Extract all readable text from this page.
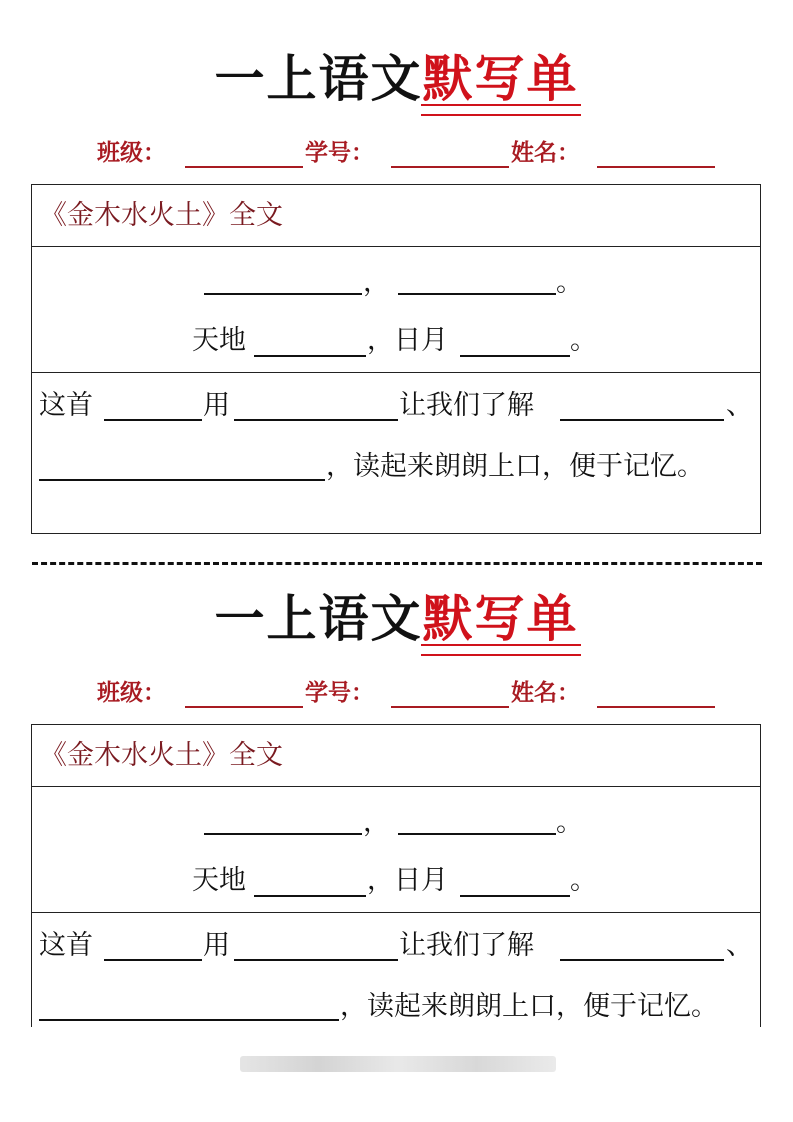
一上语文默写单
班级：	学号：	姓名：
《金木水火土》全文
，	。
天地	，日月	。
这首	用	让我们了解	、
，读起来朗朗上口，便于记忆。
一上语文默写单
班级：	学号：	姓名：
《金木水火土》全文
，	。
天地	，日月	。
这首	用	让我们了解	、
，读起来朗朗上口，便于记忆。
